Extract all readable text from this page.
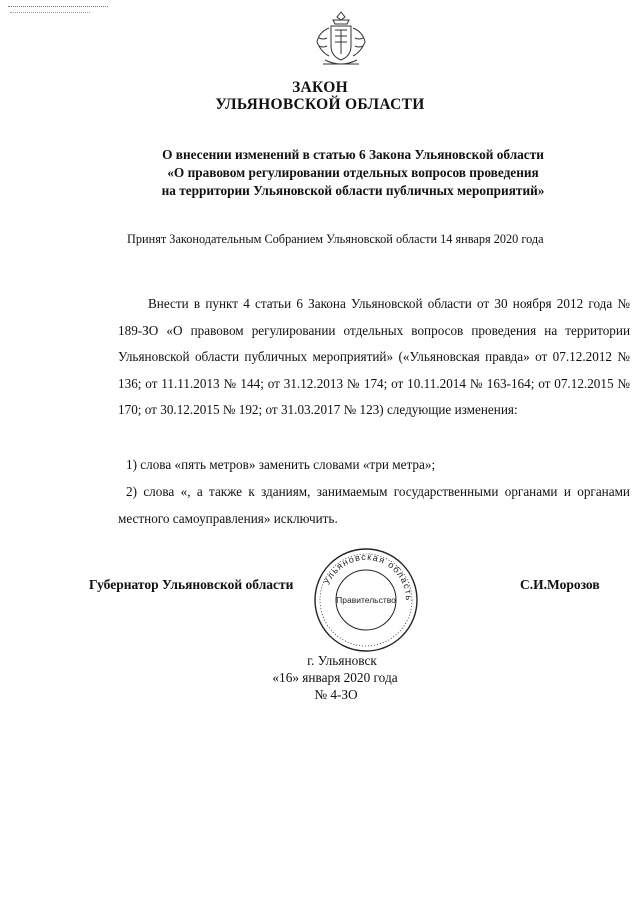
ЗАКОН
УЛЬЯНОВСКОЙ ОБЛАСТИ
О внесении изменений в статью 6 Закона Ульяновской области
«О правовом регулировании отдельных вопросов проведения
на территории Ульяновской области публичных мероприятий»
Принят Законодательным Собранием Ульяновской области 14 января 2020 года
Внести в пункт 4 статьи 6 Закона Ульяновской области от 30 ноября 2012 года № 189-ЗО «О правовом регулировании отдельных вопросов проведения на территории Ульяновской области публичных мероприятий» («Ульяновская правда» от 07.12.2012 № 136; от 11.11.2013 № 144; от 31.12.2013 № 174; от 10.11.2014 № 163-164; от 07.12.2015 № 170; от 30.12.2015 № 192; от 31.03.2017 № 123) следующие изменения:
1) слова «пять метров» заменить словами «три метра»;
2) слова «, а также к зданиям, занимаемым государственными органами и органами местного самоуправления» исключить.
Губернатор Ульяновской области	С.И.Морозов
Ульяновская область
Правительство
г. Ульяновск
«16» января 2020 года
№ 4-ЗО
